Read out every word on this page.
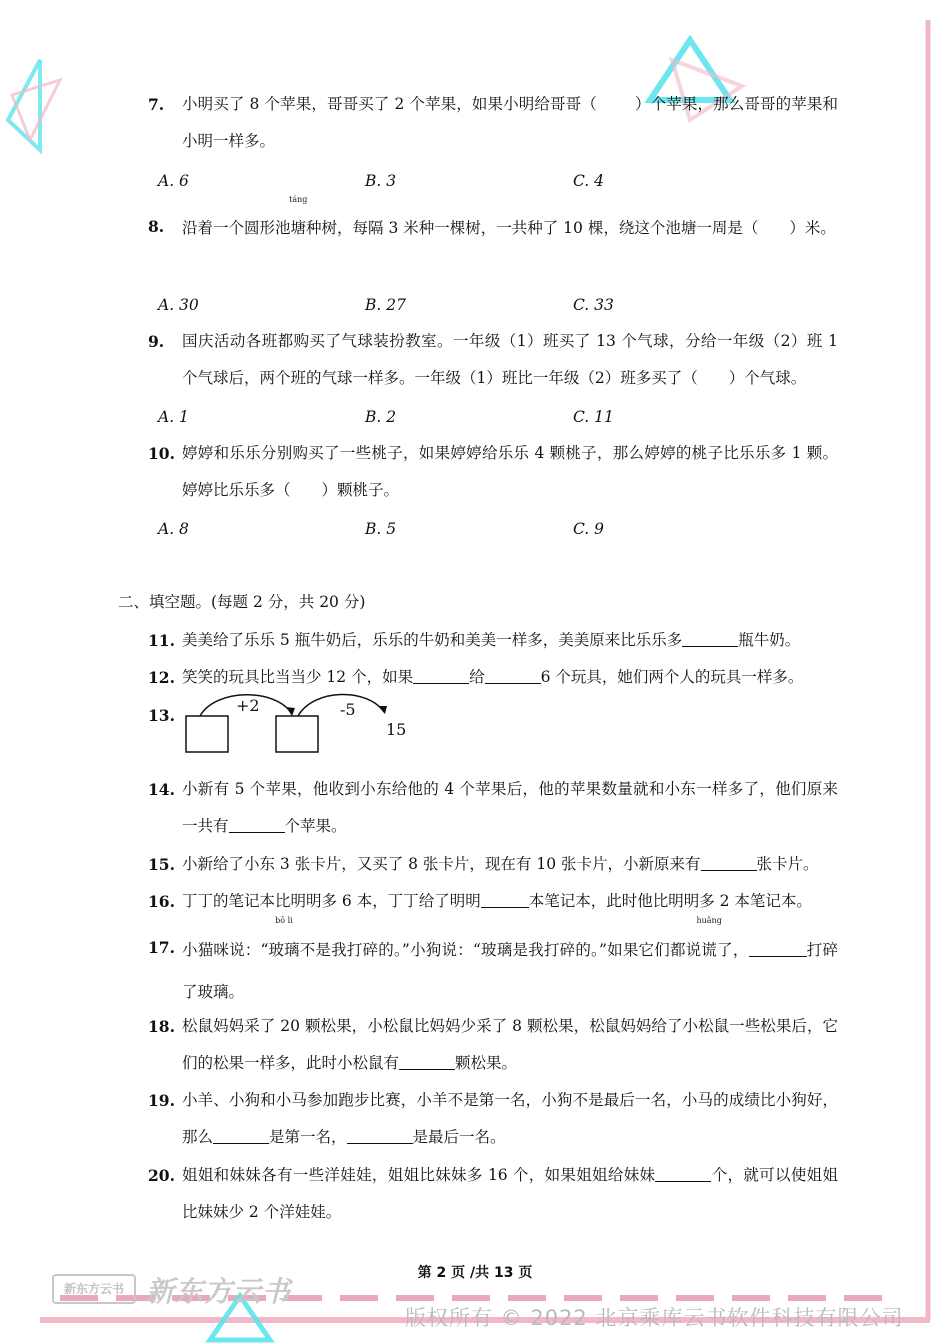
7.	小明买了 8 个苹果，哥哥买了 2 个苹果，如果小明给哥哥（ ）个苹果，那么哥哥的苹果和小明一样多。
A. 6	B. 3	C. 4
8.	沿着一个圆形池
táng
塘种树，每隔 3 米种一棵树，一共种了 10 棵，绕这个池塘一周是（　　）米。
A. 30	B. 27	C. 33
9.	国庆活动各班都购买了气球装扮教室。一年级（1）班买了 13 个气球，分给一年级（2）班 1 个气球后，两个班的气球一样多。一年级（1）班比一年级（2）班多买了（　　）个气球。
A. 1	B. 2	C. 11
10. 婷婷和乐乐分别购买了一些桃子，如果婷婷给乐乐 4 颗桃子，那么婷婷的桃子比乐乐多 1 颗。婷婷比乐乐多（　　）颗桃子。
A. 8	B. 5	C. 9
二、填空题。(每题 2 分，共 20 分)
11. 美美给了乐乐 5 瓶牛奶后，乐乐的牛奶和美美一样多，美美原来比乐乐多	瓶牛奶。
12. 笑笑的玩具比当当少 12 个，如果	给	6 个玩具，她们两个人的玩具一样多。
13.
+2	-5
15
14. 小新有 5 个苹果，他收到小东给他的 4 个苹果后，他的苹果数量就和小东一样多了，他们原来一共有	个苹果。
15. 小新给了小东 3 张卡片，又买了 8 张卡片，现在有 10 张卡片，小新原来有	张卡片。
16. 丁丁的笔记本比明明多 6 本，丁丁给了明明	本笔记本，此时他比明明多 2 本笔记本。
17. 小猫咪说：“
bō li
玻璃不是我打碎的。”小狗说：“玻璃是我打碎的。”如果它们都说
huǎng
谎了，	打碎了玻璃。
18. 松鼠妈妈采了 20 颗松果，小松鼠比妈妈少采了 8 颗松果，松鼠妈妈给了小松鼠一些松果后，它们的松果一样多，此时小松鼠有	颗松果。
19. 小羊、小狗和小马参加跑步比赛，小羊不是第一名，小狗不是最后一名，小马的成绩比小狗好，那么	是第一名，	是最后一名。
20. 姐姐和妹妹各有一些洋娃娃，姐姐比妹妹多 16 个，如果姐姐给妹妹	个，就可以使姐姐比妹妹少 2 个洋娃娃。
第 2 页 /共 13 页
新东方云书 新东方云书
版权所有 © 2022 北京乘库云书软件科技有限公司
